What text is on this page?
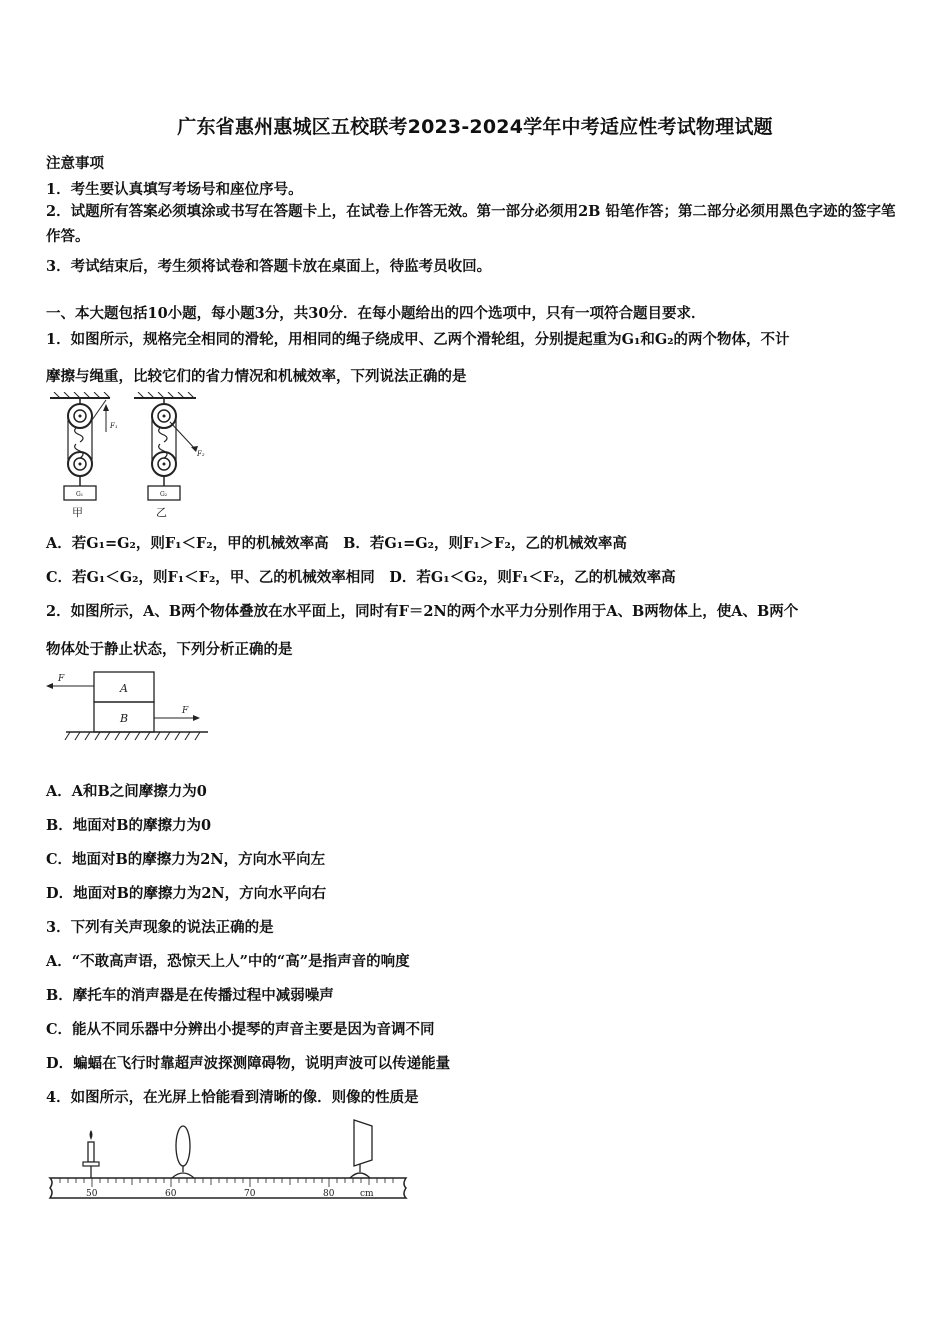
广东省惠州惠城区五校联考2023-2024学年中考适应性考试物理试题
注意事项
1．考生要认真填写考场号和座位序号。
2．试题所有答案必须填涂或书写在答题卡上，在试卷上作答无效。第一部分必须用2B 铅笔作答；第二部分必须用黑色字迹的签字笔作答。
3．考试结束后，考生须将试卷和答题卡放在桌面上，待监考员收回。
一、本大题包括10小题，每小题3分，共30分．在每小题给出的四个选项中，只有一项符合题目要求．
1．如图所示，规格完全相同的滑轮，用相同的绳子绕成甲、乙两个滑轮组，分别提起重为G₁和G₂的两个物体，不计
摩擦与绳重，比较它们的省力情况和机械效率，下列说法正确的是
F₁
G₁
甲
F₂
G₂
乙
A．若G₁=G₂，则F₁＜F₂，甲的机械效率高　B．若G₁=G₂，则F₁＞F₂，乙的机械效率高
C．若G₁＜G₂，则F₁＜F₂，甲、乙的机械效率相同　D．若G₁＜G₂，则F₁＜F₂，乙的机械效率高
2．如图所示，A、B两个物体叠放在水平面上，同时有F＝2N的两个水平力分别作用于A、B两物体上，使A、B两个
物体处于静止状态，下列分析正确的是
A
B
F
F
A．A和B之间摩擦力为0
B．地面对B的摩擦力为0
C．地面对B的摩擦力为2N，方向水平向左
D．地面对B的摩擦力为2N，方向水平向右
3．下列有关声现象的说法正确的是
A．“不敢高声语，恐惊天上人”中的“高”是指声音的响度
B．摩托车的消声器是在传播过程中减弱噪声
C．能从不同乐器中分辨出小提琴的声音主要是因为音调不同
D．蝙蝠在飞行时靠超声波探测障碍物，说明声波可以传递能量
4．如图所示，在光屏上恰能看到清晰的像．则像的性质是
50	60	70	80	cm
